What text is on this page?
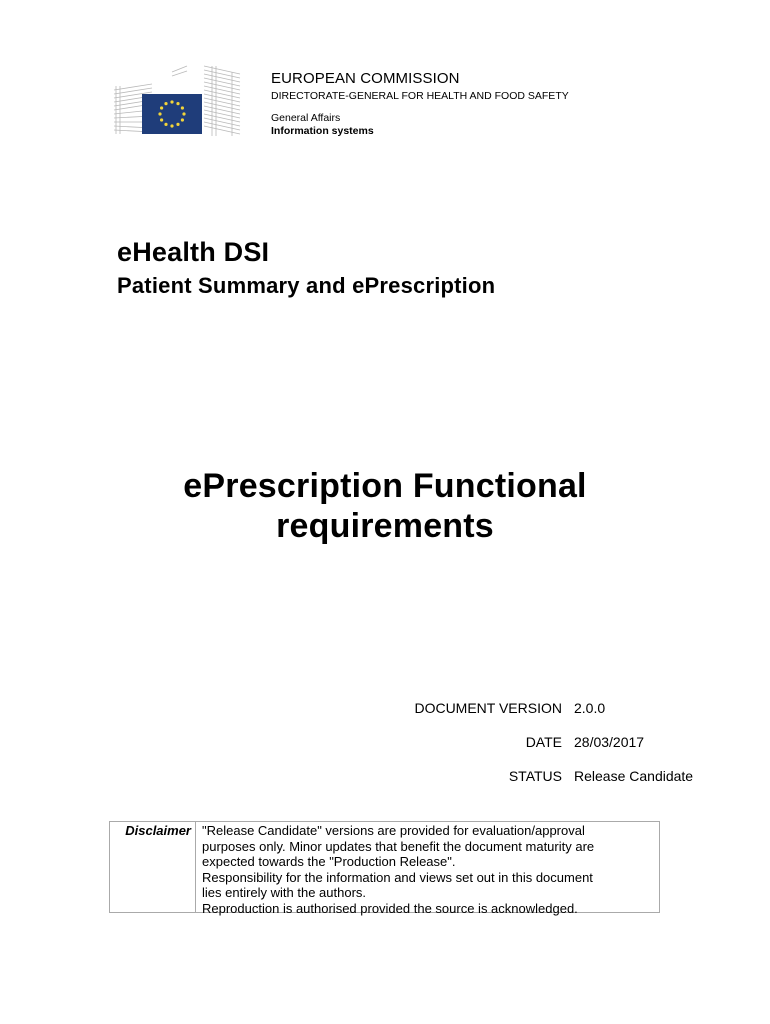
EUROPEAN COMMISSION
DIRECTORATE-GENERAL FOR HEALTH AND FOOD SAFETY
General Affairs
Information systems
eHealth DSI
Patient Summary and ePrescription
ePrescription Functional
requirements
DOCUMENT VERSION 2.0.0
DATE 28/03/2017
STATUS Release Candidate
Disclaimer "Release Candidate" versions are provided for evaluation/approval
purposes only. Minor updates that benefit the document maturity are
expected towards the "Production Release".
Responsibility for the information and views set out in this document
lies entirely with the authors.
Reproduction is authorised provided the source is acknowledged.
